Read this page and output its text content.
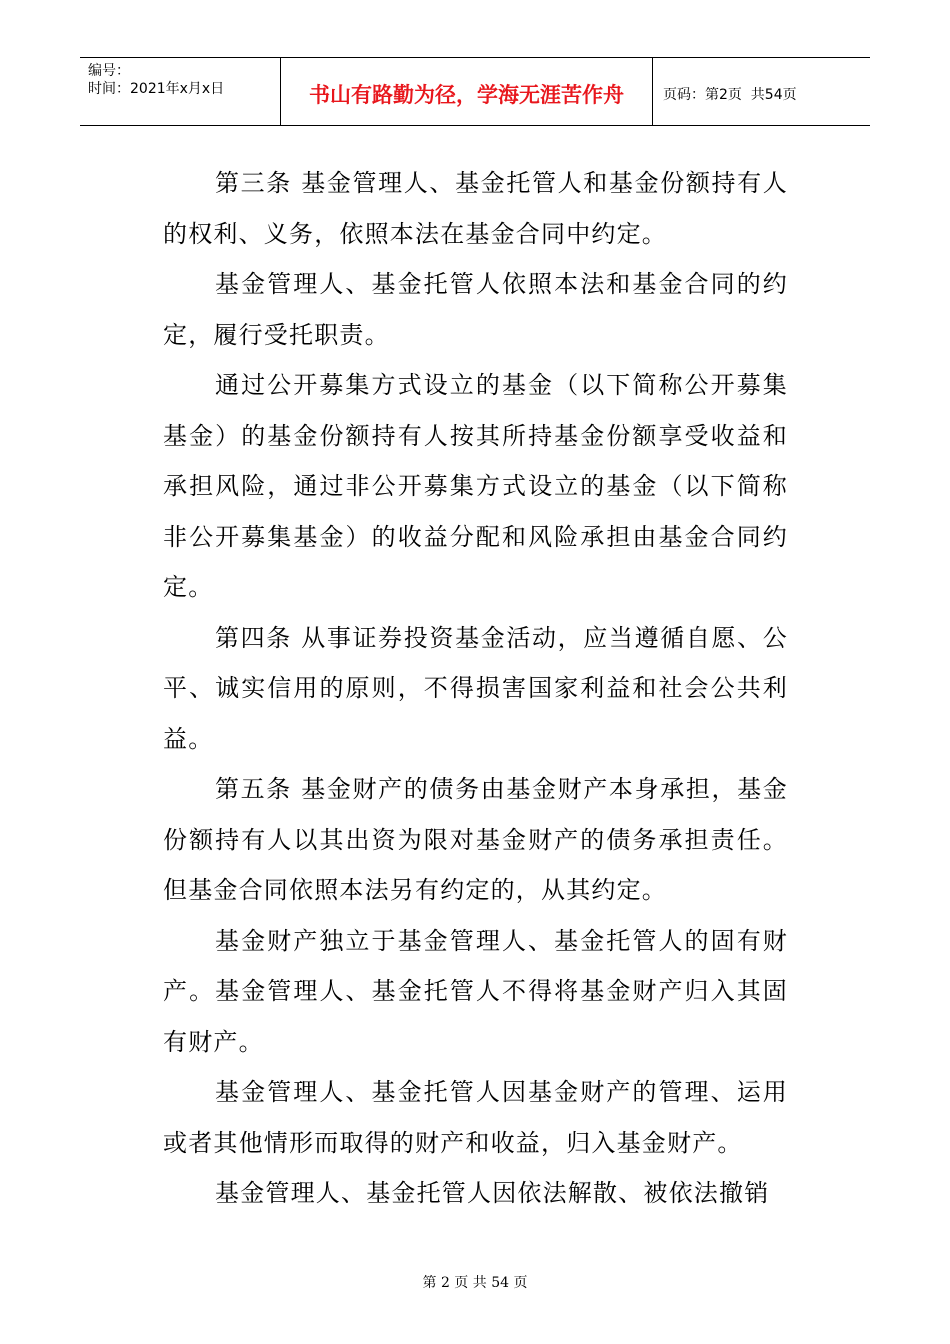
编号：
时间：2021年x月x日	书山有路勤为径，学海无涯苦作舟	页码：第2页  共54页

第三条 基金管理人、基金托管人和基金份额持有人的权利、义务，依照本法在基金合同中约定。

基金管理人、基金托管人依照本法和基金合同的约定，履行受托职责。

通过公开募集方式设立的基金（以下简称公开募集基金）的基金份额持有人按其所持基金份额享受收益和承担风险，通过非公开募集方式设立的基金（以下简称非公开募集基金）的收益分配和风险承担由基金合同约定。

第四条 从事证券投资基金活动，应当遵循自愿、公平、诚实信用的原则，不得损害国家利益和社会公共利益。

第五条 基金财产的债务由基金财产本身承担，基金份额持有人以其出资为限对基金财产的债务承担责任。但基金合同依照本法另有约定的，从其约定。

基金财产独立于基金管理人、基金托管人的固有财产。基金管理人、基金托管人不得将基金财产归入其固有财产。

基金管理人、基金托管人因基金财产的管理、运用或者其他情形而取得的财产和收益，归入基金财产。

基金管理人、基金托管人因依法解散、被依法撤销

第 2 页 共 54 页
